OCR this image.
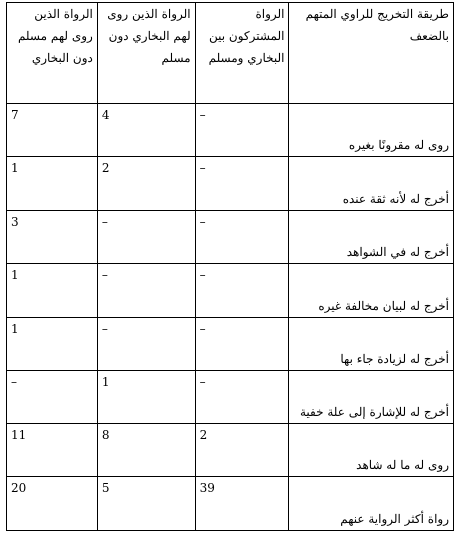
طريقة التخريج للراوي المتهم بالضعف	الرواة المشتركون بين البخاري ومسلم	الرواة الذين روى لهم البخاري دون مسلم	الرواة الذين روى لهم مسلم دون البخاري
روى له مقرونًا بغيره	–	4	7
أخرج له لأنه ثقة عنده	–	2	1
أخرج له في الشواهد	–	–	3
أخرج له لبيان مخالفة غيره	–	–	1
أخرج له لزيادة جاء بها	–	–	1
أخرج له للإشارة إلى علة خفية	–	1	–
روى له ما له شاهد	2	8	11
رواة أكثر الرواية عنهم	39	5	20
